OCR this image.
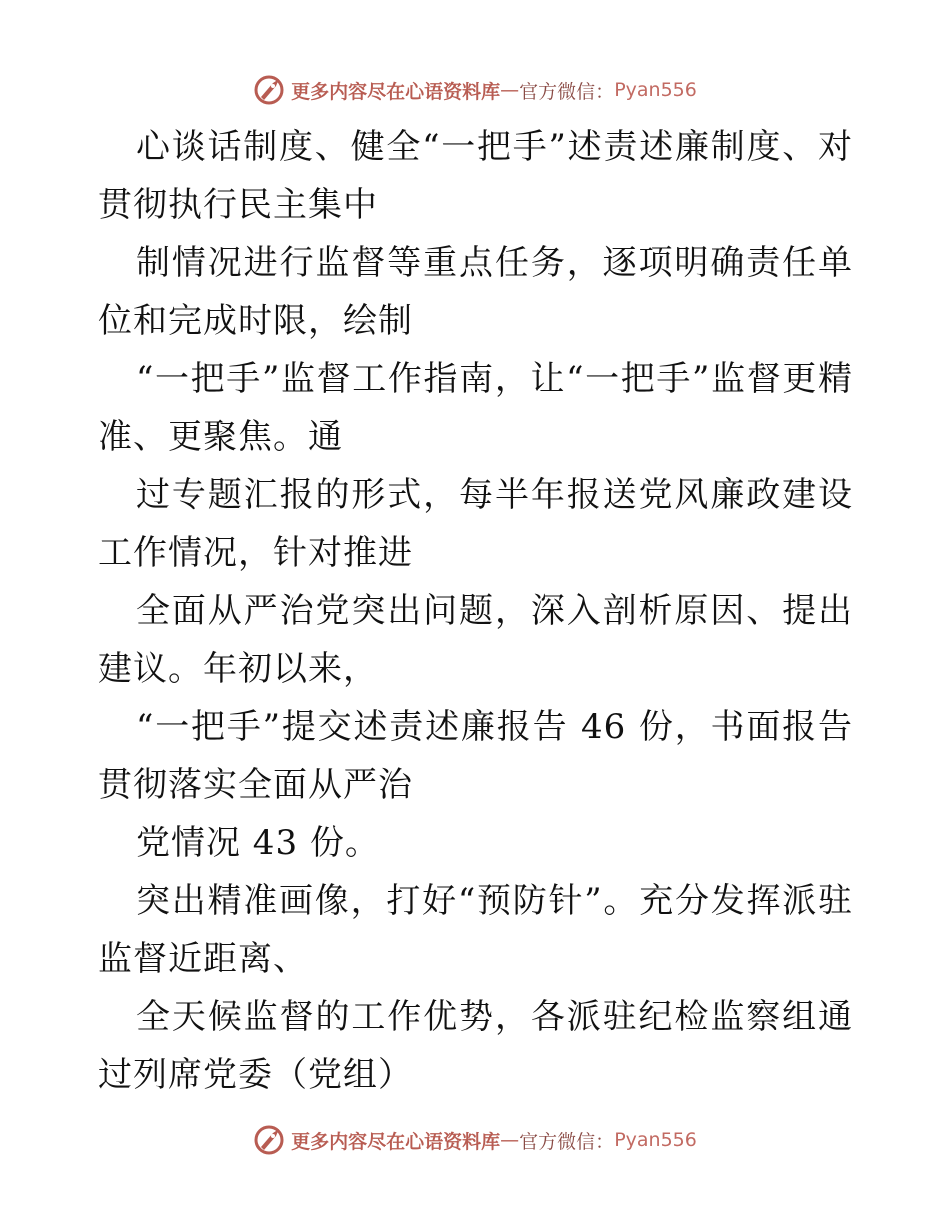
更多内容尽在心语资料库 — 官方微信： Pyan556

心谈话制度、健全“一把手”述责述廉制度、对贯彻执行民主集中

制情况进行监督等重点任务，逐项明确责任单位和完成时限，绘制

“一把手”监督工作指南，让“一把手”监督更精准、更聚焦。通

过专题汇报的形式，每半年报送党风廉政建设工作情况，针对推进

全面从严治党突出问题，深入剖析原因、提出建议。年初以来，

“一把手”提交述责述廉报告 46 份，书面报告贯彻落实全面从严治

党情况 43 份。

突出精准画像，打好“预防针”。充分发挥派驻监督近距离、

全天候监督的工作优势，各派驻纪检监察组通过列席党委（党组）

更多内容尽在心语资料库 — 官方微信： Pyan556
